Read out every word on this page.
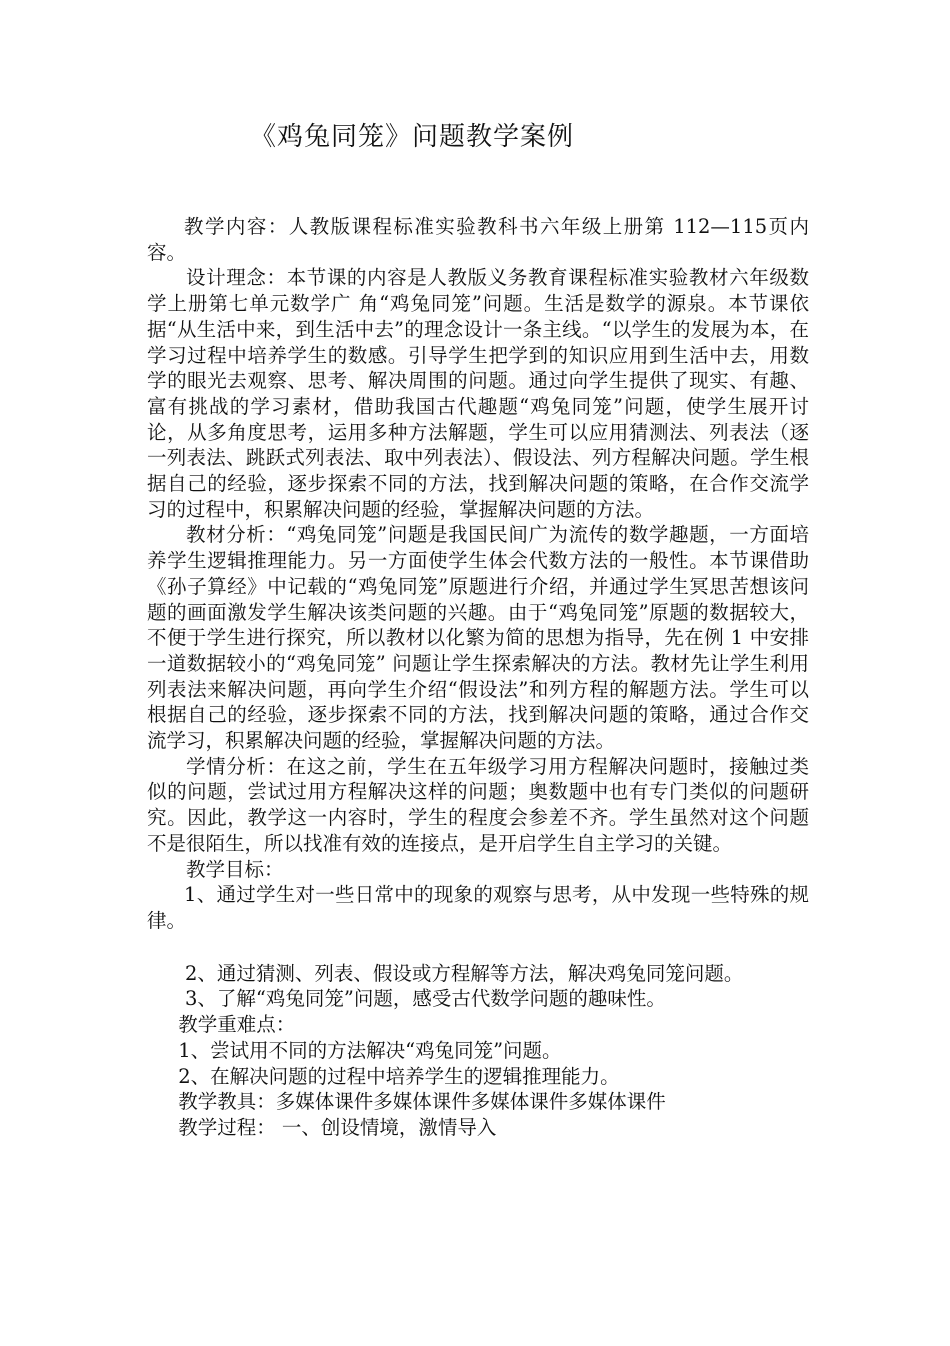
《鸡兔同笼》问题教学案例

教学内容：人教版课程标准实验教科书六年级上册第 112—115页内容。

设计理念：本节课的内容是人教版义务教育课程标准实验教材六年级数学上册第七单元数学广 角“鸡兔同笼”问题。生活是数学的源泉。本节课依据“从生活中来，到生活中去”的理念设计一条主线。“以学生的发展为本，在学习过程中培养学生的数感。引导学生把学到的知识应用到生活中去，用数学的眼光去观察、思考、解决周围的问题。通过向学生提供了现实、有趣、富有挑战的学习素材，借助我国古代趣题“鸡兔同笼”问题，使学生展开讨论，从多角度思考，运用多种方法解题，学生可以应用猜测法、列表法（逐一列表法、跳跃式列表法、取中列表法）、假设法、列方程解决问题。学生根据自己的经验，逐步探索不同的方法，找到解决问题的策略，在合作交流学习的过程中，积累解决问题的经验，掌握解决问题的方法。

教材分析：“鸡兔同笼”问题是我国民间广为流传的数学趣题，一方面培养学生逻辑推理能力。另一方面使学生体会代数方法的一般性。本节课借助《孙子算经》中记载的“鸡兔同笼”原题进行介绍，并通过学生冥思苦想该问题的画面激发学生解决该类问题的兴趣。由于“鸡兔同笼”原题的数据较大，不便于学生进行探究，所以教材以化繁为简的思想为指导，先在例 1 中安排一道数据较小的“鸡兔同笼” 问题让学生探索解决的方法。教材先让学生利用列表法来解决问题，再向学生介绍“假设法”和列方程的解题方法。学生可以根据自己的经验，逐步探索不同的方法，找到解决问题的策略，通过合作交流学习，积累解决问题的经验，掌握解决问题的方法。

学情分析：在这之前，学生在五年级学习用方程解决问题时，接触过类似的问题，尝试过用方程解决这样的问题；奥数题中也有专门类似的问题研究。因此，教学这一内容时，学生的程度会参差不齐。学生虽然对这个问题不是很陌生，所以找准有效的连接点，是开启学生自主学习的关键。

教学目标：

1、通过学生对一些日常中的现象的观察与思考，从中发现一些特殊的规律。

2、通过猜测、列表、假设或方程解等方法，解决鸡兔同笼问题。

3、了解“鸡兔同笼”问题，感受古代数学问题的趣味性。

教学重难点：

1、尝试用不同的方法解决“鸡兔同笼”问题。

2、在解决问题的过程中培养学生的逻辑推理能力。

教学教具：多媒体课件多媒体课件多媒体课件多媒体课件

教学过程： 一、创设情境，激情导入
